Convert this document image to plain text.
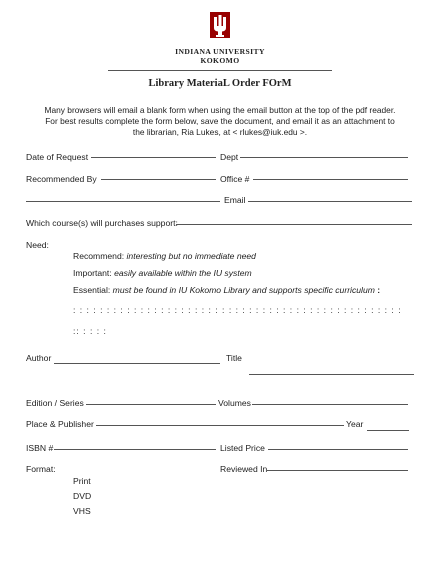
INDIANA UNIVERSITY
KOKOMO
Library MateriaL Order FOrM
Many browsers will email a blank form when using the email button at the top of the pdf reader.
For best results complete the form below, save the document, and email it as an attachment to
the librarian, Ria Lukes, at < rlukes@iuk.edu >.
Date of Request	Dept
Recommended By	Office #
Email
Which course(s) will purchases support:
Need:
Recommend: interesting but no immediate need
Important: easily available within the IU system
Essential: must be found in IU Kokomo Library and supports specific curriculum :
: : : : : : : : : : : : : : : : : : : : : : : : : : : : : : : : : : : : : : : : : : : : : : : : :
:: : : : :
Author	Title
Edition / Series	Volumes
Place & Publisher	Year
ISBN #	Listed Price
Format:	Reviewed In
Print
DVD
VHS
